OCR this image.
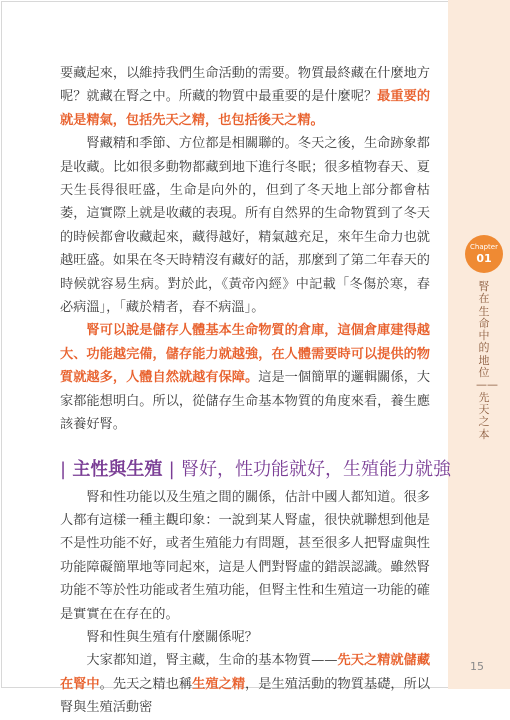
要藏起來，以維持我們生命活動的需要。物質最終藏在什麼地方呢？就藏在腎之中。所藏的物質中最重要的是什麼呢？最重要的就是精氣，包括先天之精，也包括後天之精。

腎藏精和季節、方位都是相關聯的。冬天之後，生命跡象都是收藏。比如很多動物都藏到地下進行冬眠；很多植物春天、夏天生長得很旺盛，生命是向外的，但到了冬天地上部分都會枯萎，這實際上就是收藏的表現。所有自然界的生命物質到了冬天的時候都會收藏起來，藏得越好，精氣越充足，來年生命力也就越旺盛。如果在冬天時精沒有藏好的話，那麼到了第二年春天的時候就容易生病。對於此，《黃帝內經》中記載「冬傷於寒，春必病溫」，「藏於精者，春不病溫」。

腎可以說是儲存人體基本生命物質的倉庫，這個倉庫建得越大、功能越完備，儲存能力就越強，在人體需要時可以提供的物質就越多，人體自然就越有保障。這是一個簡單的邏輯關係，大家都能想明白。所以，從儲存生命基本物質的角度來看，養生應該養好腎。

| 主性與生殖 | 腎好，性功能就好，生殖能力就強

腎和性功能以及生殖之間的關係，估計中國人都知道。很多人都有這樣一種主觀印象：一說到某人腎虛，很快就聯想到他是不是性功能不好，或者生殖能力有問題，甚至很多人把腎虛與性功能障礙簡單地等同起來，這是人們對腎虛的錯誤認識。雖然腎功能不等於性功能或者生殖功能，但腎主性和生殖這一功能的確是實實在在存在的。

腎和性與生殖有什麼關係呢？

大家都知道，腎主藏，生命的基本物質——先天之精就儲藏在腎中。先天之精也稱生殖之精，是生殖活動的物質基礎，所以腎與生殖活動密

Chapter
01
腎在生命中的地位——先天之本
15
